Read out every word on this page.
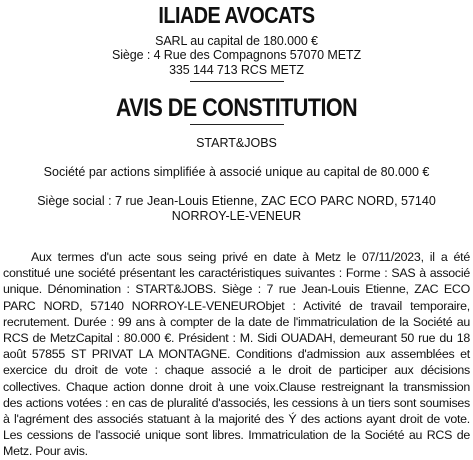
ILIADE AVOCATS
SARL au capital de 180.000 €
Siège : 4 Rue des Compagnons 57070 METZ
335 144 713 RCS METZ
AVIS DE CONSTITUTION
START&JOBS
Société par actions simplifiée à associé unique au capital de 80.000 €
Siège social : 7 rue Jean-Louis Etienne, ZAC ECO PARC NORD, 57140
NORROY-LE-VENEUR

Aux termes d'un acte sous seing privé en date à Metz le 07/11/2023, il a été constitué une société présentant les caractéristiques suivantes : Forme : SAS à associé unique. Dénomination : START&JOBS. Siège : 7 rue Jean-Louis Etienne, ZAC ECO PARC NORD, 57140 NORROY-LE-VENEURObjet : Activité de travail temporaire, recrutement. Durée : 99 ans à compter de la date de l'immatriculation de la Société au RCS de MetzCapital : 80.000 €. Président : M. Sidi OUADAH, demeurant 50 rue du 18 août 57855 ST PRIVAT LA MONTAGNE. Conditions d'admission aux assemblées et exercice du droit de vote : chaque associé a le droit de participer aux décisions collectives. Chaque action donne droit à une voix.Clause restreignant la transmission des actions votées : en cas de pluralité d'associés, les cessions à un tiers sont soumises à l'agrément des associés statuant à la majorité des Ý des actions ayant droit de vote. Les cessions de l'associé unique sont libres. Immatriculation de la Société au RCS de Metz. Pour avis.
